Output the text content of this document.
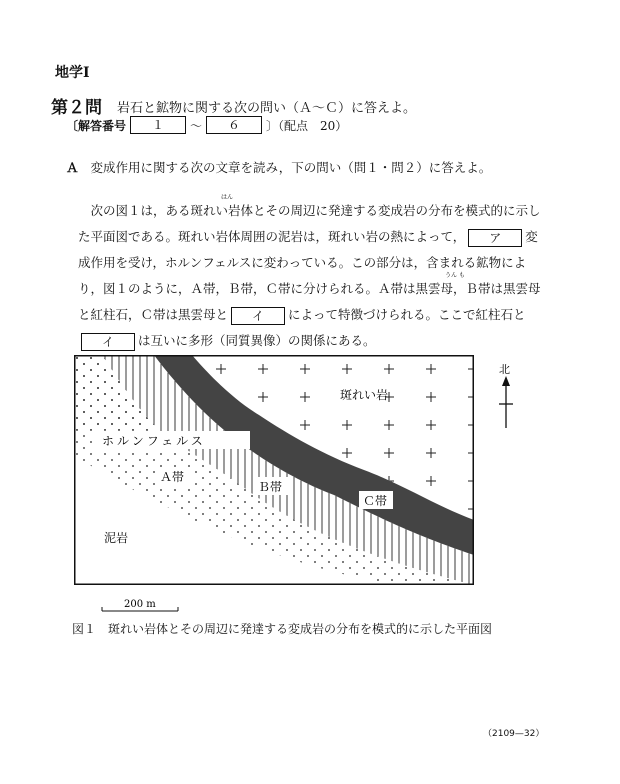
地学Ⅰ
第２問 岩石と鉱物に関する次の問い（Ａ～Ｃ）に答えよ。
〔解答番号	１	～	６	〕（配点　20）
Ａ 変成作用に関する次の文章を読み，下の問い（問１・問２）に答えよ。
 次の図１は，ある斑れい岩体とその周辺に発達する変成岩の分布を模式的に示した平面図である。斑れい岩体周囲の泥岩は，斑れい岩の熱によって， ア 変成作用を受け，ホルンフェルスに変わっている。この部分は，含まれる鉱物により，図１のように，Ａ帯，Ｂ帯，Ｃ帯に分けられる。Ａ帯は黒雲母，Ｂ帯は黒雲母と紅柱石，Ｃ帯は黒雲母と イ によって特徴づけられる。ここで紅柱石とイ は互いに多形（同質異像）の関係にある。
はん
うん も
斑れい岩
ホルンフェルス
Ａ帯
Ｂ帯
Ｃ帯
泥岩
北
200 m
図１  斑れい岩体とその周辺に発達する変成岩の分布を模式的に示した平面図
（2109—32）
